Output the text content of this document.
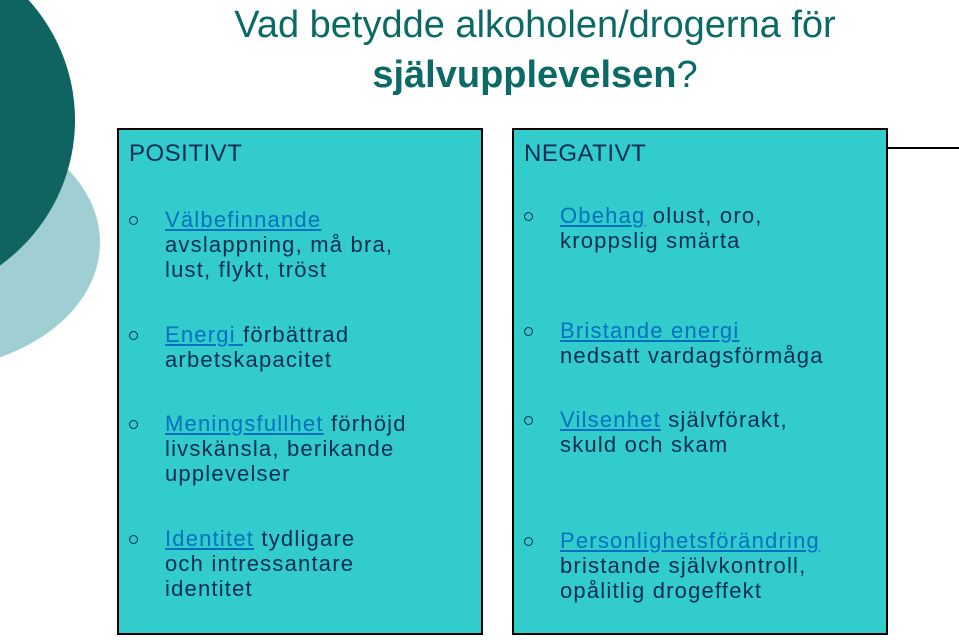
Vad betydde alkoholen/drogerna för
självupplevelsen?
POSITIVT
Välbefinnande
avslappning, må bra,
lust, flykt, tröst
Energi förbättrad
arbetskapacitet
Meningsfullhet förhöjd
livskänsla, berikande
upplevelser
Identitet tydligare
och intressantare
identitet
NEGATIVT
Obehag olust, oro,
kroppslig smärta
Bristande energi
nedsatt vardagsförmåga
Vilsenhet självförakt,
skuld och skam
Personlighetsförändring
bristande självkontroll,
opålitlig drogeffekt
